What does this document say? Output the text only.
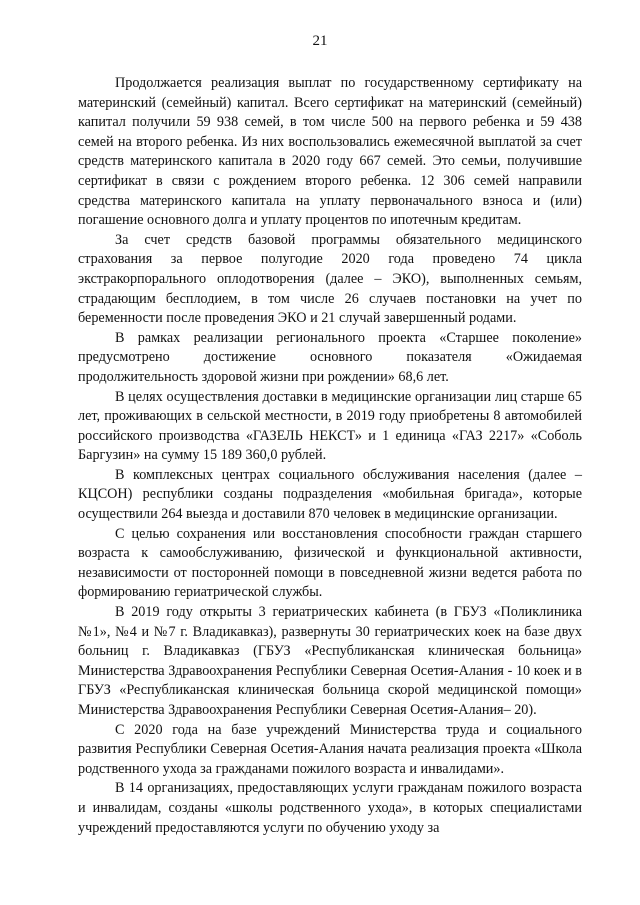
21

Продолжается реализация выплат по государственному сертификату на материнский (семейный) капитал. Всего сертификат на материнский (семейный) капитал получили 59 938 семей, в том числе 500 на первого ребенка и 59 438 семей на второго ребенка. Из них воспользовались ежемесячной выплатой за счет средств материнского капитала в 2020 году 667 семей. Это семьи, получившие сертификат в связи с рождением второго ребенка. 12 306 семей направили средства материнского капитала на уплату первоначального взноса и (или) погашение основного долга и уплату процентов по ипотечным кредитам.

За счет средств базовой программы обязательного медицинского страхования за первое полугодие 2020 года проведено 74 цикла экстракорпорального оплодотворения (далее – ЭКО), выполненных семьям, страдающим бесплодием, в том числе 26 случаев постановки на учет по беременности после проведения ЭКО и 21 случай завершенный родами.

В рамках реализации регионального проекта «Старшее поколение» предусмотрено достижение основного показателя «Ожидаемая продолжительность здоровой жизни при рождении» 68,6 лет.

В целях осуществления доставки в медицинские организации лиц старше 65 лет, проживающих в сельской местности, в 2019 году приобретены 8 автомобилей российского производства «ГАЗЕЛЬ НЕКСТ» и 1 единица «ГАЗ 2217» «Соболь Баргузин» на сумму 15 189 360,0 рублей.

В комплексных центрах социального обслуживания населения (далее – КЦСОН) республики созданы подразделения «мобильная бригада», которые осуществили 264 выезда и доставили 870 человек в медицинские организации.

С целью сохранения или восстановления способности граждан старшего возраста к самообслуживанию, физической и функциональной активности, независимости от посторонней помощи в повседневной жизни ведется работа по формированию гериатрической службы.

В 2019 году открыты 3 гериатрических кабинета (в ГБУЗ «Поликлиника №1», №4 и №7 г. Владикавказ), развернуты 30 гериатрических коек на базе двух больниц г. Владикавказ (ГБУЗ «Республиканская клиническая больница» Министерства Здравоохранения Республики Северная Осетия-Алания - 10 коек и в ГБУЗ «Республиканская клиническая больница скорой медицинской помощи» Министерства Здравоохранения Республики Северная Осетия-Алания– 20).

С 2020 года на базе учреждений Министерства труда и социального развития Республики Северная Осетия-Алания начата реализация проекта «Школа родственного ухода за гражданами пожилого возраста и инвалидами».

В 14 организациях, предоставляющих услуги гражданам пожилого возраста и инвалидам, созданы «школы родственного ухода», в которых специалистами учреждений предоставляются услуги по обучению уходу за
